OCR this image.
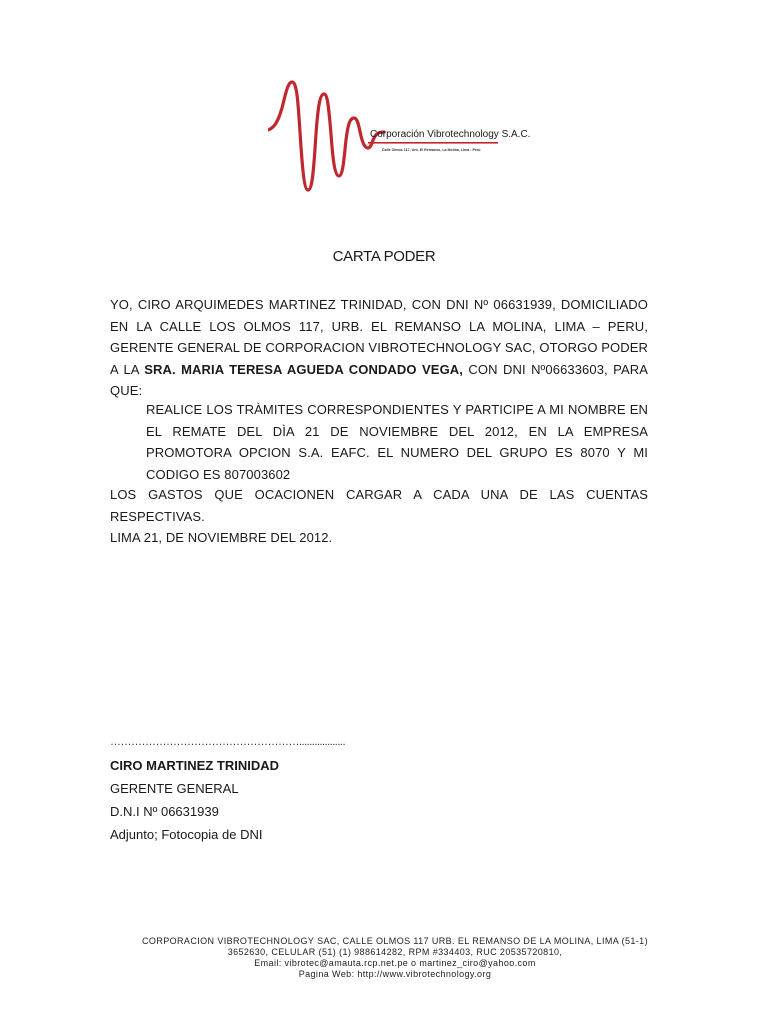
Corporación Vibrotechnology S.A.C.
Calle Olmos 117, Urb. El Remanso, La Molina, Lima - Perú
CARTA PODER
YO, CIRO ARQUIMEDES MARTINEZ TRINIDAD, CON DNI Nº 06631939, DOMICILIADO EN LA CALLE LOS OLMOS 117, URB. EL REMANSO LA MOLINA, LIMA – PERU, GERENTE GENERAL DE CORPORACION VIBROTECHNOLOGY SAC, OTORGO PODER A LA SRA. MARIA TERESA AGUEDA CONDADO VEGA, CON DNI Nº06633603, PARA QUE:
REALICE LOS TRÀMITES CORRESPONDIENTES Y PARTICIPE A MI NOMBRE EN EL REMATE DEL DÌA 21 DE NOVIEMBRE DEL 2012, EN LA EMPRESA PROMOTORA OPCION S.A. EAFC. EL NUMERO DEL GRUPO ES 8070 Y MI CODIGO ES 807003602
LOS GASTOS QUE OCACIONEN CARGAR A CADA UNA DE LAS CUENTAS RESPECTIVAS.
LIMA 21, DE NOVIEMBRE DEL 2012.
………………………………………………..................
CIRO MARTINEZ TRINIDAD
GERENTE GENERAL
D.N.I Nº 06631939
Adjunto; Fotocopia de DNI
CORPORACION VIBROTECHNOLOGY SAC, CALLE OLMOS 117 URB. EL REMANSO DE LA MOLINA, LIMA (51-1)
3652630, CELULAR (51) (1) 988614282, RPM #334403, RUC 20535720810,
Email: vibrotec@amauta.rcp.net.pe o martinez_ciro@yahoo.com
Pagina Web: http://www.vibrotechnology.org
